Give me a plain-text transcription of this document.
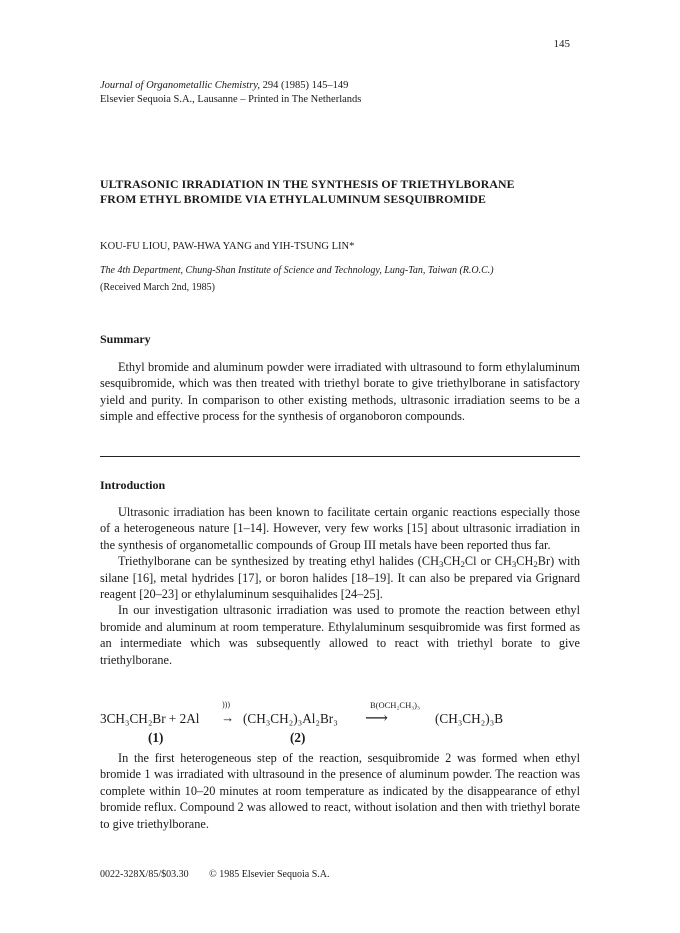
145
Journal of Organometallic Chemistry, 294 (1985) 145–149
Elsevier Sequoia S.A., Lausanne – Printed in The Netherlands
ULTRASONIC IRRADIATION IN THE SYNTHESIS OF TRIETHYLBORANE
FROM ETHYL BROMIDE VIA ETHYLALUMINUM SESQUIBROMIDE
KOU-FU LIOU, PAW-HWA YANG and YIH-TSUNG LIN*
The 4th Department, Chung-Shan Institute of Science and Technology, Lung-Tan, Taiwan (R.O.C.)
(Received March 2nd, 1985)
Summary

Ethyl bromide and aluminum powder were irradiated with ultrasound to form ethylaluminum sesquibromide, which was then treated with triethyl borate to give triethylborane in satisfactory yield and purity. In comparison to other existing methods, ultrasonic irradiation seems to be a simple and effective process for the synthesis of organoboron compounds.

Introduction

Ultrasonic irradiation has been known to facilitate certain organic reactions especially those of a heterogeneous nature [1–14]. However, very few works [15] about ultrasonic irradiation in the synthesis of organometallic compounds of Group III metals have been reported thus far.

Triethylborane can be synthesized by treating ethyl halides ($CH_3CH_2Cl$ or $CH_3CH_2Br$) with silane [16], metal hydrides [17], or boron halides [18–19]. It can also be prepared via Grignard reagent [20–23] or ethylaluminum sesquihalides [24–25].

In our investigation ultrasonic irradiation was used to promote the reaction between ethyl bromide and aluminum at room temperature. Ethylaluminum sesquibromide was first formed as an intermediate which was subsequently allowed to react with triethyl borate to give triethylborane.

3CH₃CH₂Br + 2Al
)))
→ (CH₃CH₂)₃Al₂Br₃
B(OCH₂CH₃)₃
⟶	(CH₃CH₂)₃B
(1)	(2)

In the first heterogeneous step of the reaction, sesquibromide 2 was formed when ethyl bromide 1 was irradiated with ultrasound in the presence of aluminum powder. The reaction was complete within 10–20 minutes at room temperature as indicated by the disappearance of ethyl bromide reflux. Compound 2 was allowed to react, without isolation and then with triethyl borate to give triethylborane.

0022-328X/85/$03.30 © 1985 Elsevier Sequoia S.A.
